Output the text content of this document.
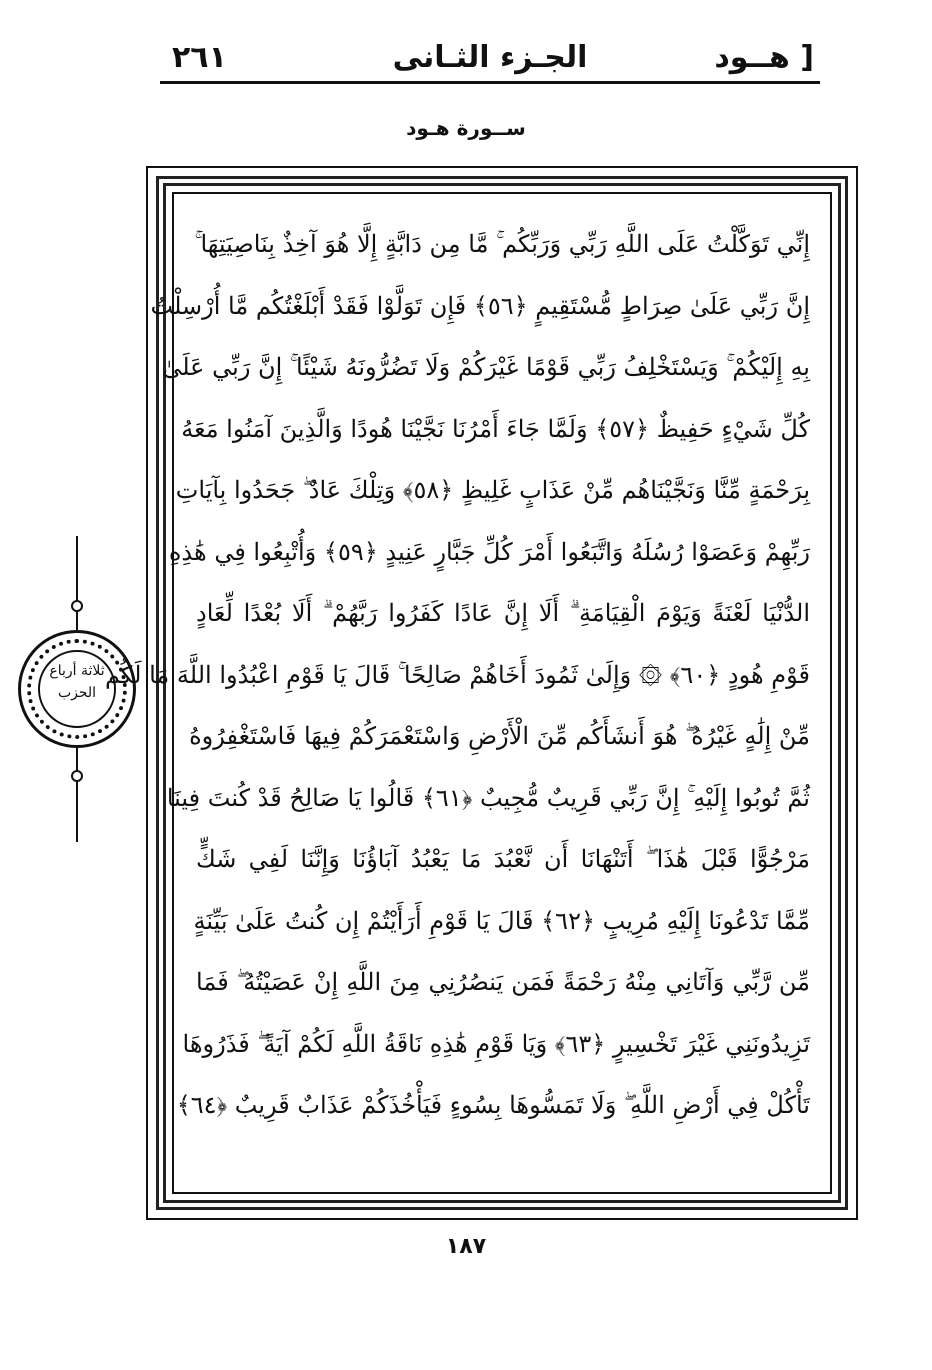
٢٦١	الجـزء الثـانى	هــود ]
ســورة هـود
إِنِّي تَوَكَّلْتُ عَلَى اللَّهِ رَبِّي وَرَبِّكُم ۚ مَّا مِن دَابَّةٍ إِلَّا هُوَ آخِذٌ بِنَاصِيَتِهَا ۚ
إِنَّ رَبِّي عَلَىٰ صِرَاطٍ مُّسْتَقِيمٍ ﴿٥٦﴾ فَإِن تَوَلَّوْا فَقَدْ أَبْلَغْتُكُم مَّا أُرْسِلْتُ
بِهِ إِلَيْكُمْ ۚ وَيَسْتَخْلِفُ رَبِّي قَوْمًا غَيْرَكُمْ وَلَا تَضُرُّونَهُ شَيْئًا ۚ إِنَّ رَبِّي عَلَىٰ
كُلِّ شَيْءٍ حَفِيظٌ ﴿٥٧﴾ وَلَمَّا جَاءَ أَمْرُنَا نَجَّيْنَا هُودًا وَالَّذِينَ آمَنُوا مَعَهُ
بِرَحْمَةٍ مِّنَّا وَنَجَّيْنَاهُم مِّنْ عَذَابٍ غَلِيظٍ ﴿٥٨﴾ وَتِلْكَ عَادٌ ۖ جَحَدُوا بِآيَاتِ
رَبِّهِمْ وَعَصَوْا رُسُلَهُ وَاتَّبَعُوا أَمْرَ كُلِّ جَبَّارٍ عَنِيدٍ ﴿٥٩﴾ وَأُتْبِعُوا فِي هَٰذِهِ
الدُّنْيَا لَعْنَةً وَيَوْمَ الْقِيَامَةِ ۗ أَلَا إِنَّ عَادًا كَفَرُوا رَبَّهُمْ ۗ أَلَا بُعْدًا لِّعَادٍ
قَوْمِ هُودٍ ﴿٦٠﴾ ۞ وَإِلَىٰ ثَمُودَ أَخَاهُمْ صَالِحًا ۚ قَالَ يَا قَوْمِ اعْبُدُوا اللَّهَ مَا لَكُم
مِّنْ إِلَٰهٍ غَيْرُهُ ۖ هُوَ أَنشَأَكُم مِّنَ الْأَرْضِ وَاسْتَعْمَرَكُمْ فِيهَا فَاسْتَغْفِرُوهُ
ثُمَّ تُوبُوا إِلَيْهِ ۚ إِنَّ رَبِّي قَرِيبٌ مُّجِيبٌ ﴿٦١﴾ قَالُوا يَا صَالِحُ قَدْ كُنتَ فِينَا
مَرْجُوًّا قَبْلَ هَٰذَا ۖ أَتَنْهَانَا أَن نَّعْبُدَ مَا يَعْبُدُ آبَاؤُنَا وَإِنَّنَا لَفِي شَكٍّ
مِّمَّا تَدْعُونَا إِلَيْهِ مُرِيبٍ ﴿٦٢﴾ قَالَ يَا قَوْمِ أَرَأَيْتُمْ إِن كُنتُ عَلَىٰ بَيِّنَةٍ
مِّن رَّبِّي وَآتَانِي مِنْهُ رَحْمَةً فَمَن يَنصُرُنِي مِنَ اللَّهِ إِنْ عَصَيْتُهُ ۖ فَمَا
تَزِيدُونَنِي غَيْرَ تَخْسِيرٍ ﴿٦٣﴾ وَيَا قَوْمِ هَٰذِهِ نَاقَةُ اللَّهِ لَكُمْ آيَةً ۖ فَذَرُوهَا
تَأْكُلْ فِي أَرْضِ اللَّهِ ۖ وَلَا تَمَسُّوهَا بِسُوءٍ فَيَأْخُذَكُمْ عَذَابٌ قَرِيبٌ ﴿٦٤﴾
ثلاثة أرباع
الحزب
١٨٧
